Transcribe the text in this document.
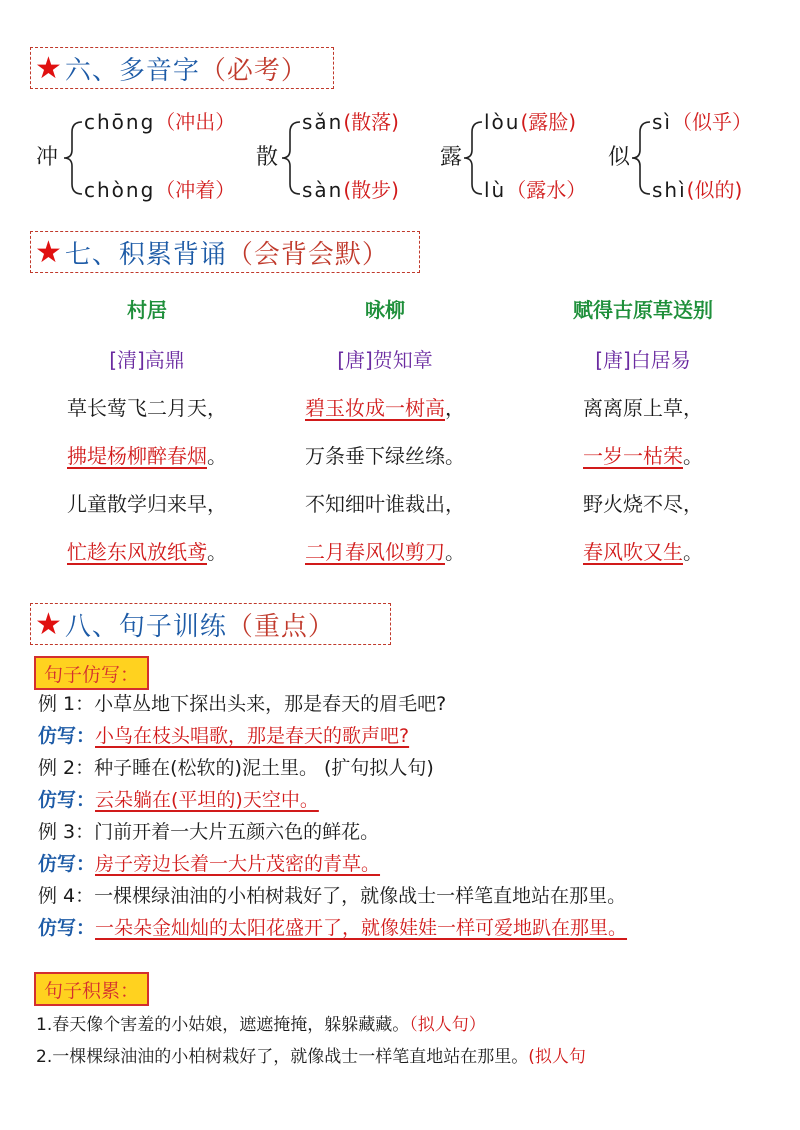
★ 六、多音字 （必考）
冲
chōng（冲出）
chòng（冲着）
散
sǎn(散落)
sàn(散步)
露
lòu(露脸)
lù（露水）
似
sì（似乎）
shì(似的)
★ 七、积累背诵 （会背会默）
村居
[清]高鼎
草长莺飞二月天，
拂堤杨柳醉春烟。
儿童散学归来早，
忙趁东风放纸鸢。
咏柳
[唐]贺知章
碧玉妆成一树高，
万条垂下绿丝绦。
不知细叶谁裁出，
二月春风似剪刀。
赋得古原草送别
[唐]白居易
离离原上草，
一岁一枯荣。
野火烧不尽，
春风吹又生。
★ 八、句子训练 （重点）
句子仿写：
例 1：小草丛地下探出头来，那是春天的眉毛吧?
仿写：小鸟在枝头唱歌，那是春天的歌声吧?
例 2：种子睡在(松软的)泥土里。 (扩句拟人句)
仿写：云朵躺在(平坦的)天空中。
例 3：门前开着一大片五颜六色的鲜花。
仿写：房子旁边长着一大片茂密的青草。
例 4：一棵棵绿油油的小柏树栽好了，就像战士一样笔直地站在那里。
仿写：一朵朵金灿灿的太阳花盛开了，就像娃娃一样可爱地趴在那里。
句子积累：
1.春天像个害羞的小姑娘，遮遮掩掩，躲躲藏藏。（拟人句）
2.一棵棵绿油油的小柏树栽好了，就像战士一样笔直地站在那里。(拟人句
